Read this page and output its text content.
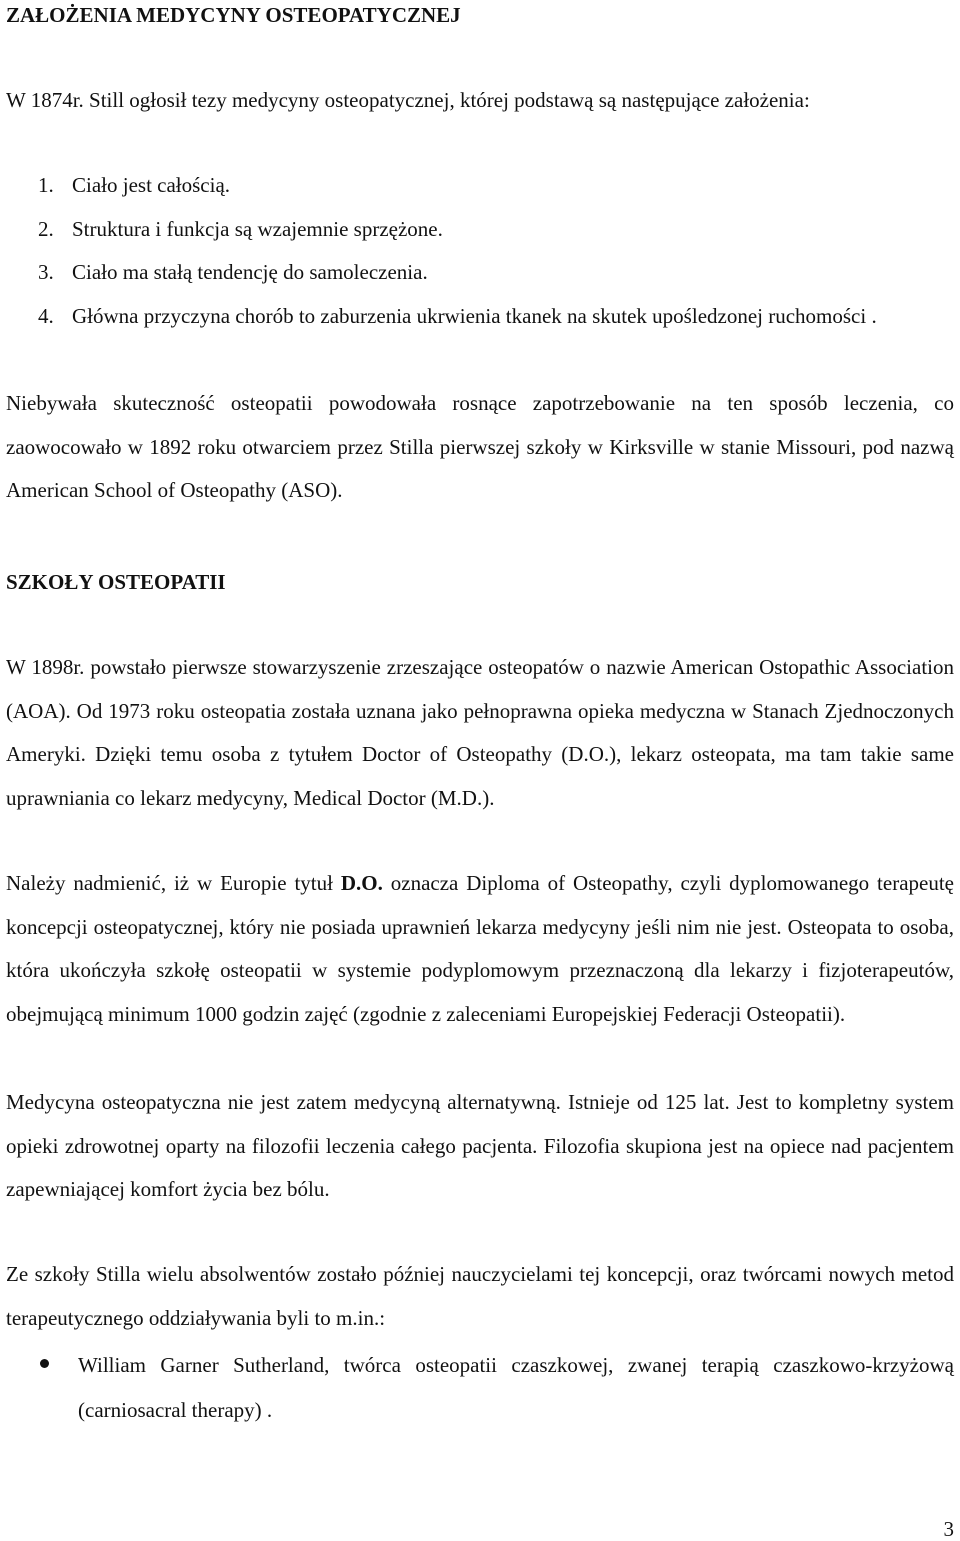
ZAŁOŻENIA MEDYCYNY OSTEOPATYCZNEJ

W 1874r. Still ogłosił tezy medycyny osteopatycznej, której podstawą są następujące założenia:

1. Ciało jest całością.
2. Struktura i funkcja są wzajemnie sprzężone.
3. Ciało ma stałą tendencję do samoleczenia.
4. Główna przyczyna chorób to zaburzenia ukrwienia tkanek na skutek upośledzonej ruchomości .

Niebywała skuteczność osteopatii powodowała rosnące zapotrzebowanie na ten sposób leczenia, co zaowocowało w 1892 roku otwarciem przez Stilla pierwszej szkoły w Kirksville w stanie Missouri, pod nazwą American School of Osteopathy (ASO).

SZKOŁY OSTEOPATII

W 1898r. powstało pierwsze stowarzyszenie zrzeszające osteopatów o nazwie American Ostopathic Association (AOA). Od 1973 roku osteopatia została uznana jako pełnoprawna opieka medyczna w Stanach Zjednoczonych Ameryki. Dzięki temu osoba z tytułem Doctor of Osteopathy (D.O.), lekarz osteopata, ma tam takie same uprawniania co lekarz medycyny, Medical Doctor (M.D.).

Należy nadmienić, iż w Europie tytuł D.O. oznacza Diploma of Osteopathy, czyli dyplomowanego terapeutę koncepcji osteopatycznej, który nie posiada uprawnień lekarza medycyny jeśli nim nie jest. Osteopata to osoba, która ukończyła szkołę osteopatii w systemie podyplomowym przeznaczoną dla lekarzy i fizjoterapeutów, obejmującą minimum 1000 godzin zajęć (zgodnie z zaleceniami Europejskiej Federacji Osteopatii).

Medycyna osteopatyczna nie jest zatem medycyną alternatywną. Istnieje od 125 lat. Jest to kompletny system opieki zdrowotnej oparty na filozofii leczenia całego pacjenta. Filozofia skupiona jest na opiece nad pacjentem zapewniającej komfort życia bez bólu.

Ze szkoły Stilla wielu absolwentów zostało później nauczycielami tej koncepcji, oraz twórcami nowych metod terapeutycznego oddziaływania byli to m.in.:

William Garner Sutherland, twórca osteopatii czaszkowej, zwanej terapią czaszkowo-krzyżową (carniosacral therapy) .
3
